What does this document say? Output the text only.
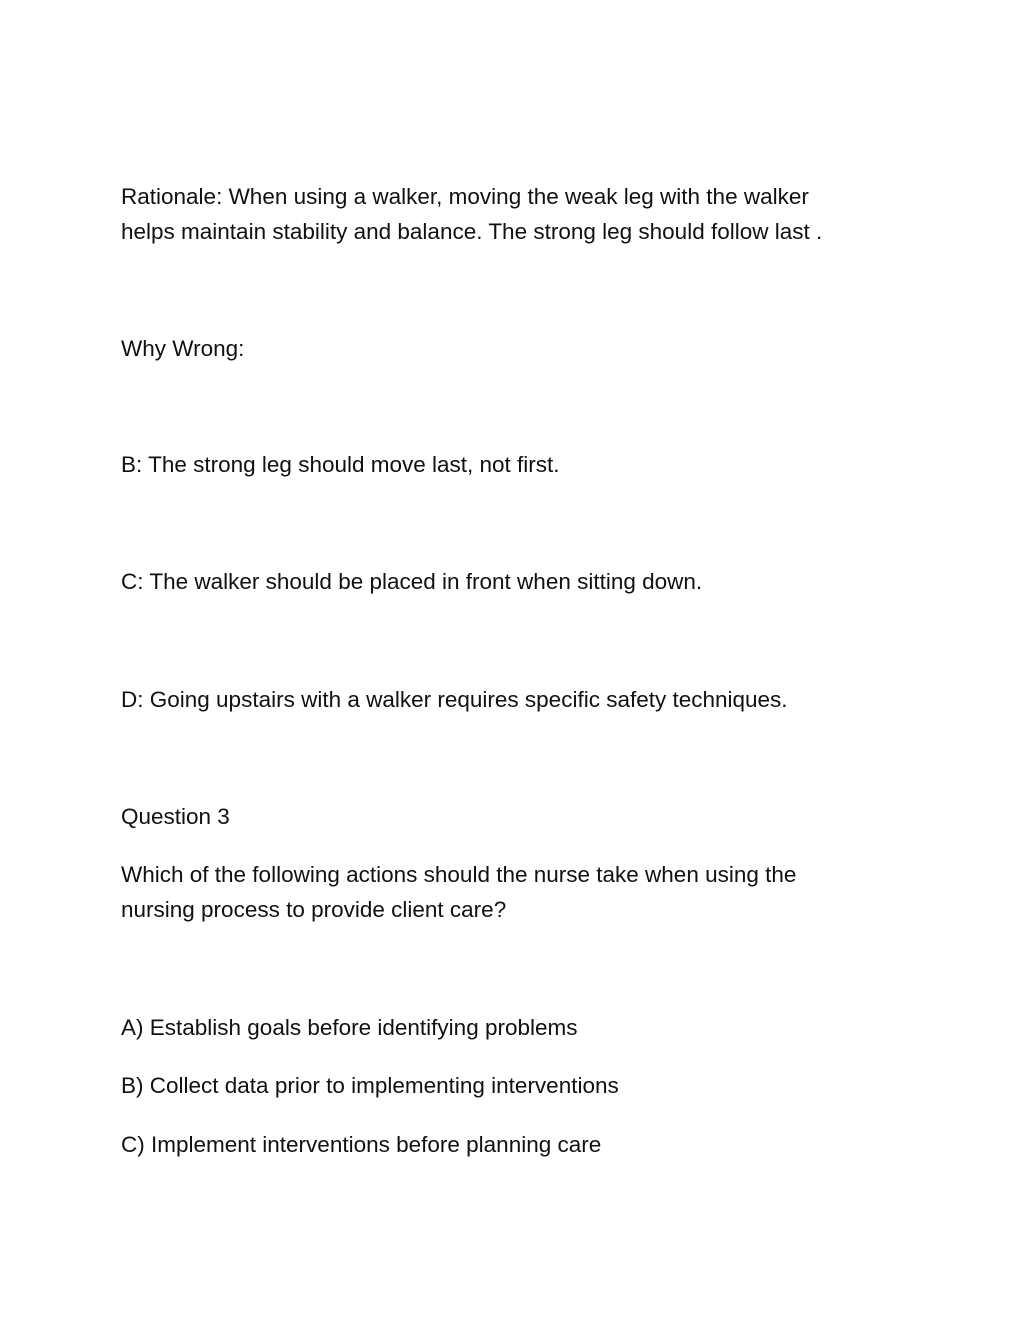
Rationale: When using a walker, moving the weak leg with the walker
helps maintain stability and balance. The strong leg should follow last .

Why Wrong:

B: The strong leg should move last, not first.

C: The walker should be placed in front when sitting down.

D: Going upstairs with a walker requires specific safety techniques.

Question 3

Which of the following actions should the nurse take when using the
nursing process to provide client care?

A) Establish goals before identifying problems

B) Collect data prior to implementing interventions

C) Implement interventions before planning care
